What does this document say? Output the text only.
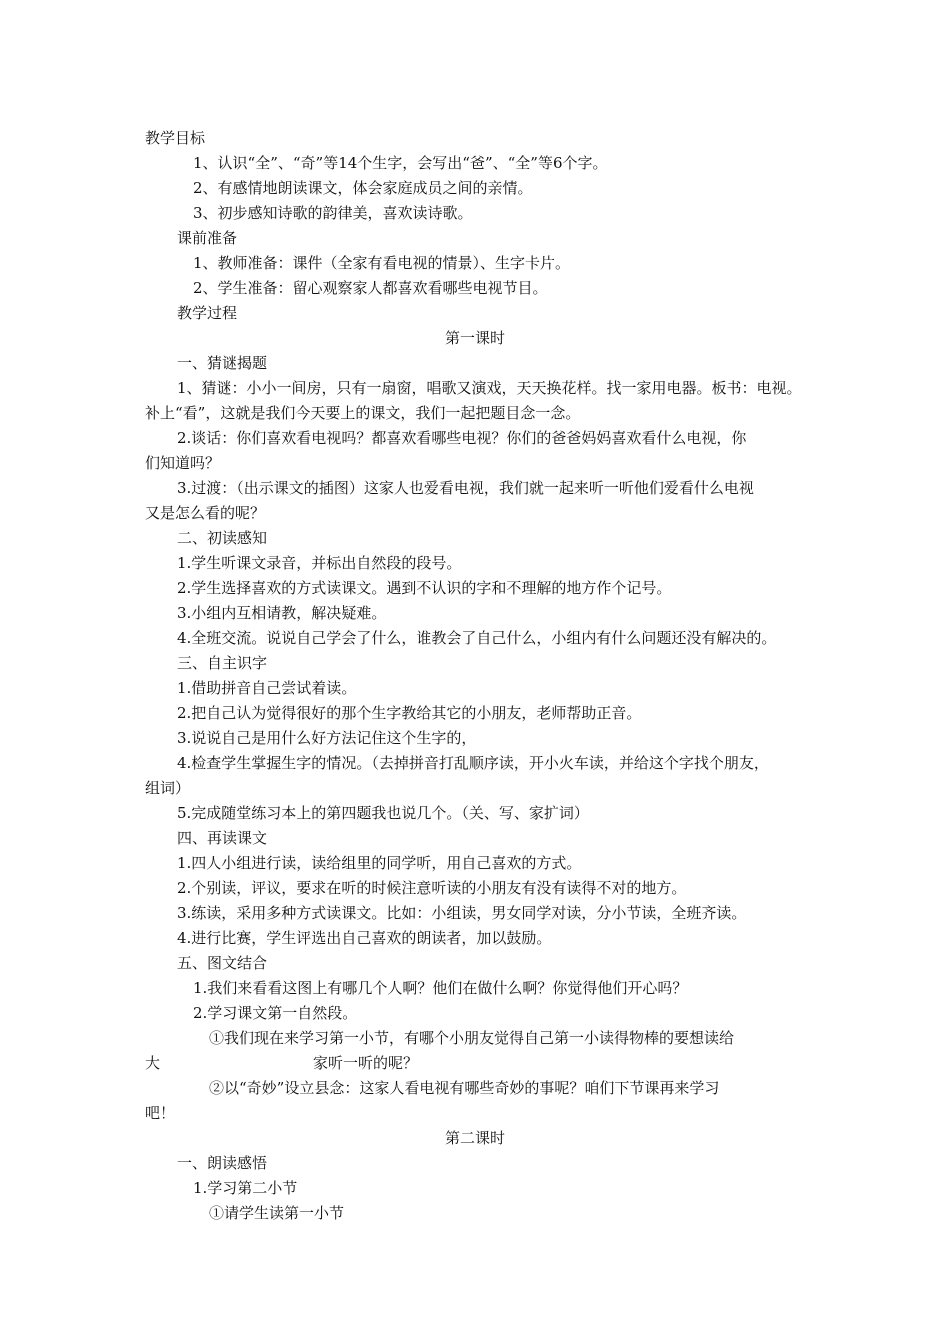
教学目标
1、认识“全”、“奇”等14个生字，会写出“爸”、“全”等6个字。
2、有感情地朗读课文，体会家庭成员之间的亲情。
3、初步感知诗歌的韵律美，喜欢读诗歌。
课前准备
1、教师准备：课件（全家有看电视的情景）、生字卡片。
2、学生准备：留心观察家人都喜欢看哪些电视节目。
教学过程
第一课时
一、猜谜揭题
1、猜谜：小小一间房，只有一扇窗，唱歌又演戏，天天换花样。找一家用电器。板书：电视。
补上“看”，这就是我们今天要上的课文，我们一起把题目念一念。
2.谈话：你们喜欢看电视吗？都喜欢看哪些电视？你们的爸爸妈妈喜欢看什么电视，你
们知道吗？
3.过渡：（出示课文的插图）这家人也爱看电视，我们就一起来听一听他们爱看什么电视
又是怎么看的呢？
二、初读感知
1.学生听课文录音，并标出自然段的段号。
2.学生选择喜欢的方式读课文。遇到不认识的字和不理解的地方作个记号。
3.小组内互相请教，解决疑难。
4.全班交流。说说自己学会了什么，谁教会了自己什么，小组内有什么问题还没有解决的。
三、自主识字
1.借助拼音自己尝试着读。
2.把自己认为觉得很好的那个生字教给其它的小朋友，老师帮助正音。
3.说说自己是用什么好方法记住这个生字的，
4.检查学生掌握生字的情况。（去掉拼音打乱顺序读，开小火车读，并给这个字找个朋友，
组词）
5.完成随堂练习本上的第四题我也说几个。（关、写、家扩词）
四、再读课文
1.四人小组进行读，读给组里的同学听，用自己喜欢的方式。
2.个别读，评议，要求在听的时候注意听读的小朋友有没有读得不对的地方。
3.练读，采用多种方式读课文。比如：小组读，男女同学对读，分小节读，全班齐读。
4.进行比赛，学生评选出自己喜欢的朗读者，加以鼓励。
五、图文结合
1.我们来看看这图上有哪几个人啊？他们在做什么啊？你觉得他们开心吗？
2.学习课文第一自然段。
①我们现在来学习第一小节，有哪个小朋友觉得自己第一小读得物棒的要想读给
大	家听一听的呢？
②以“奇妙”设立县念：这家人看电视有哪些奇妙的事呢？咱们下节课再来学习
吧！
第二课时
一、朗读感悟
1.学习第二小节
①请学生读第一小节
